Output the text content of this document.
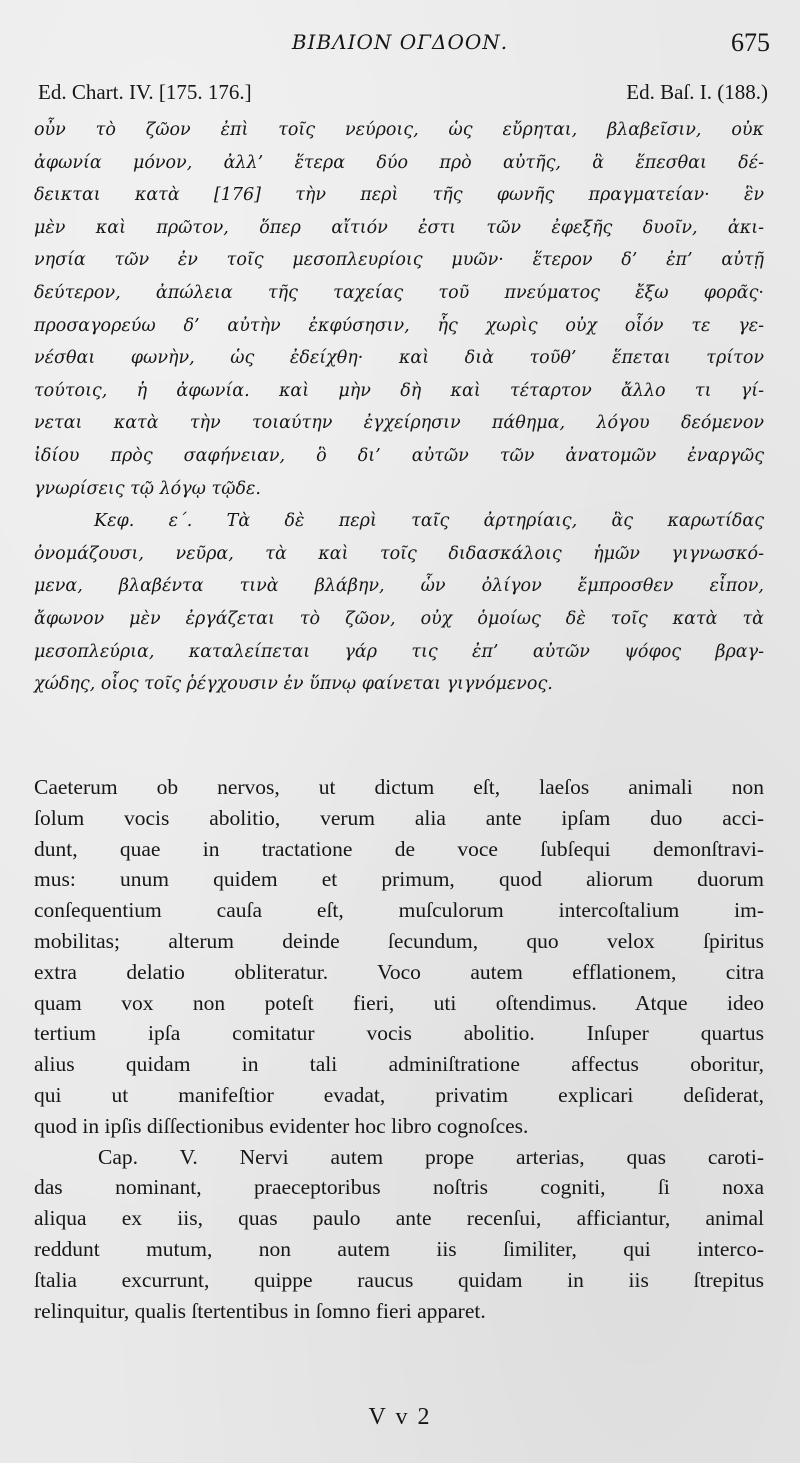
ΒΙΒΛΙΟΝ ΟΓΔΟΟΝ.	675
Ed. Chart. IV. [175. 176.]	Ed. Baſ. I. (188.)
οὖν τὸ ζῶον ἐπὶ τοῖς νεύροις, ὡς εὔρηται, βλαβεῖσιν, οὐκ
ἀφωνία μόνον, ἀλλ’ ἕτερα δύο πρὸ αὐτῆς, ἃ ἕπεσθαι δέ-
δεικται κατὰ [176] τὴν περὶ τῆς φωνῆς πραγματείαν· ἓν
μὲν καὶ πρῶτον, ὅπερ αἴτιόν ἐστι τῶν ἐφεξῆς δυοῖν, ἀκι-
νησία τῶν ἐν τοῖς μεσοπλευρίοις μυῶν· ἕτερον δ’ ἐπ’ αὐτῇ
δεύτερον, ἀπώλεια τῆς ταχείας τοῦ πνεύματος ἔξω φορᾶς·
προσαγορεύω δ’ αὐτὴν ἐκφύσησιν, ἧς χωρὶς οὐχ οἷόν τε γε-
νέσθαι φωνὴν, ὡς ἐδείχθη· καὶ διὰ τοῦθ’ ἕπεται τρίτον
τούτοις, ἡ ἀφωνία. καὶ μὴν δὴ καὶ τέταρτον ἄλλο τι γί-
νεται κατὰ τὴν τοιαύτην ἐγχείρησιν πάθημα, λόγου δεόμενον
ἰδίου πρὸς σαφήνειαν, ὃ δι’ αὐτῶν τῶν ἀνατομῶν ἐναργῶς
γνωρίσεις τῷ λόγῳ τῷδε.
Κεφ. ε΄. Τὰ δὲ περὶ ταῖς ἀρτηρίαις, ἃς καρωτίδας
ὀνομάζουσι, νεῦρα, τὰ καὶ τοῖς διδασκάλοις ἡμῶν γιγνωσκό-
μενα, βλαβέντα τινὰ βλάβην, ὧν ὀλίγον ἔμπροσθεν εἶπον,
ἄφωνον μὲν ἐργάζεται τὸ ζῶον, οὐχ ὁμοίως δὲ τοῖς κατὰ τὰ
μεσοπλεύρια, καταλείπεται γάρ τις ἐπ’ αὐτῶν ψόφος βραγ-
χώδης, οἷος τοῖς ῥέγχουσιν ἐν ὕπνῳ φαίνεται γιγνόμενος.
Caeterum ob nervos, ut dictum eſt, laeſos animali non
ſolum vocis abolitio, verum alia ante ipſam duo acci-
dunt, quae in tractatione de voce ſubſequi demonſtravi-
mus: unum quidem et primum, quod aliorum duorum
conſequentium cauſa eſt, muſculorum intercoſtalium im-
mobilitas; alterum deinde ſecundum, quo velox ſpiritus
extra delatio obliteratur. Voco autem efflationem, citra
quam vox non poteſt fieri, uti oſtendimus. Atque ideo
tertium ipſa comitatur vocis abolitio. Inſuper quartus
alius quidam in tali adminiſtratione affectus oboritur,
qui ut manifeſtior evadat, privatim explicari deſiderat,
quod in ipſis diſſectionibus evidenter hoc libro cognoſces.
Cap. V. Nervi autem prope arterias, quas caroti-
das nominant, praeceptoribus noſtris cogniti, ſi noxa
aliqua ex iis, quas paulo ante recenſui, afficiantur, animal
reddunt mutum, non autem iis ſimiliter, qui interco-
ſtalia excurrunt, quippe raucus quidam in iis ſtrepitus
relinquitur, qualis ſtertentibus in ſomno fieri apparet.
V v 2
